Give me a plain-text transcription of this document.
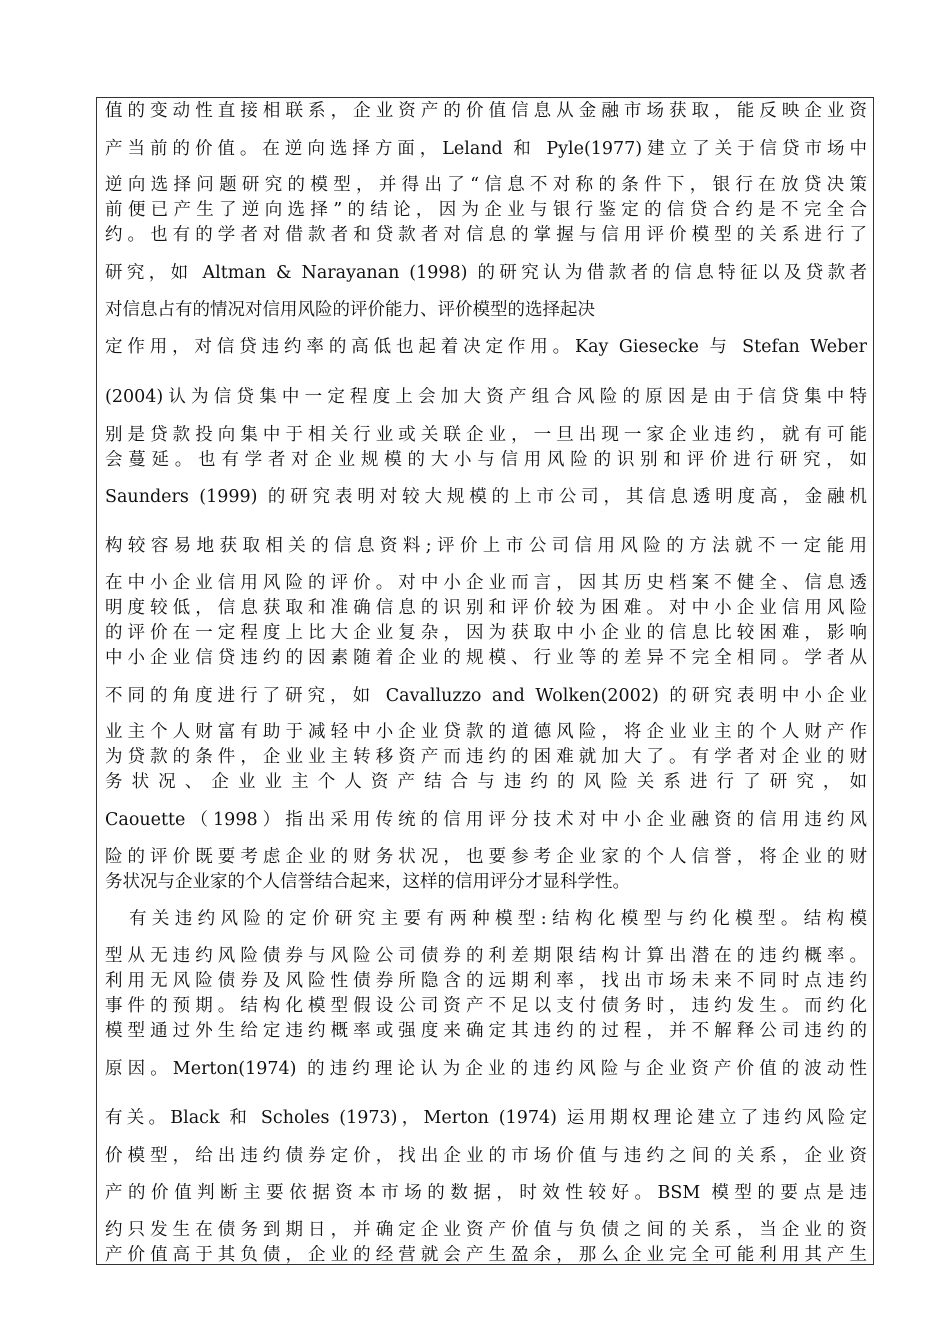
值的变动性直接相联系，企业资产的价值信息从金融市场获取，能反映企业资
产当前的价值。在逆向选择方面，Leland 和 Pyle(1977)建立了关于信贷市场中
逆向选择问题研究的模型，并得出了“信息不对称的条件下，银行在放贷决策
前便已产生了逆向选择”的结论，因为企业与银行鉴定的信贷合约是不完全合
约。也有的学者对借款者和贷款者对信息的掌握与信用评价模型的关系进行了
研究，如 Altman & Narayanan (1998) 的研究认为借款者的信息特征以及贷款者
对信息占有的情况对信用风险的评价能力、评价模型的选择起决
定作用，对信贷违约率的高低也起着决定作用。Kay Giesecke 与 Stefan Weber
(2004)认为信贷集中一定程度上会加大资产组合风险的原因是由于信贷集中特
别是贷款投向集中于相关行业或关联企业，一旦出现一家企业违约，就有可能
会蔓延。也有学者对企业规模的大小与信用风险的识别和评价进行研究，如
Saunders (1999) 的研究表明对较大规模的上市公司，其信息透明度高，金融机
构较容易地获取相关的信息资料;评价上市公司信用风险的方法就不一定能用
在中小企业信用风险的评价。对中小企业而言，因其历史档案不健全、信息透
明度较低，信息获取和准确信息的识别和评价较为困难。对中小企业信用风险
的评价在一定程度上比大企业复杂，因为获取中小企业的信息比较困难，影响
中小企业信贷违约的因素随着企业的规模、行业等的差异不完全相同。学者从
不同的角度进行了研究，如 Cavalluzzo and Wolken(2002) 的研究表明中小企业
业主个人财富有助于减轻中小企业贷款的道德风险，将企业业主的个人财产作
为贷款的条件，企业业主转移资产而违约的困难就加大了。有学者对企业的财
务状况、企业业主个人资产结合与违约的风险关系进行了研究，如
Caouette（1998）指出采用传统的信用评分技术对中小企业融资的信用违约风
险的评价既要考虑企业的财务状况，也要参考企业家的个人信誉，将企业的财
务状况与企业家的个人信誉结合起来，这样的信用评分才显科学性。
有关违约风险的定价研究主要有两种模型:结构化模型与约化模型。结构模
型从无违约风险债券与风险公司债券的利差期限结构计算出潜在的违约概率。
利用无风险债券及风险性债券所隐含的远期利率，找出市场未来不同时点违约
事件的预期。结构化模型假设公司资产不足以支付债务时，违约发生。而约化
模型通过外生给定违约概率或强度来确定其违约的过程，并不解释公司违约的
原因。Merton(1974) 的违约理论认为企业的违约风险与企业资产价值的波动性
有关。Black 和 Scholes (1973)，Merton (1974) 运用期权理论建立了违约风险定
价模型，给出违约债券定价，找出企业的市场价值与违约之间的关系，企业资
产的价值判断主要依据资本市场的数据，时效性较好。BSM 模型的要点是违
约只发生在债务到期日，并确定企业资产价值与负债之间的关系，当企业的资
产价值高于其负债，企业的经营就会产生盈余，那么企业完全可能利用其产生
